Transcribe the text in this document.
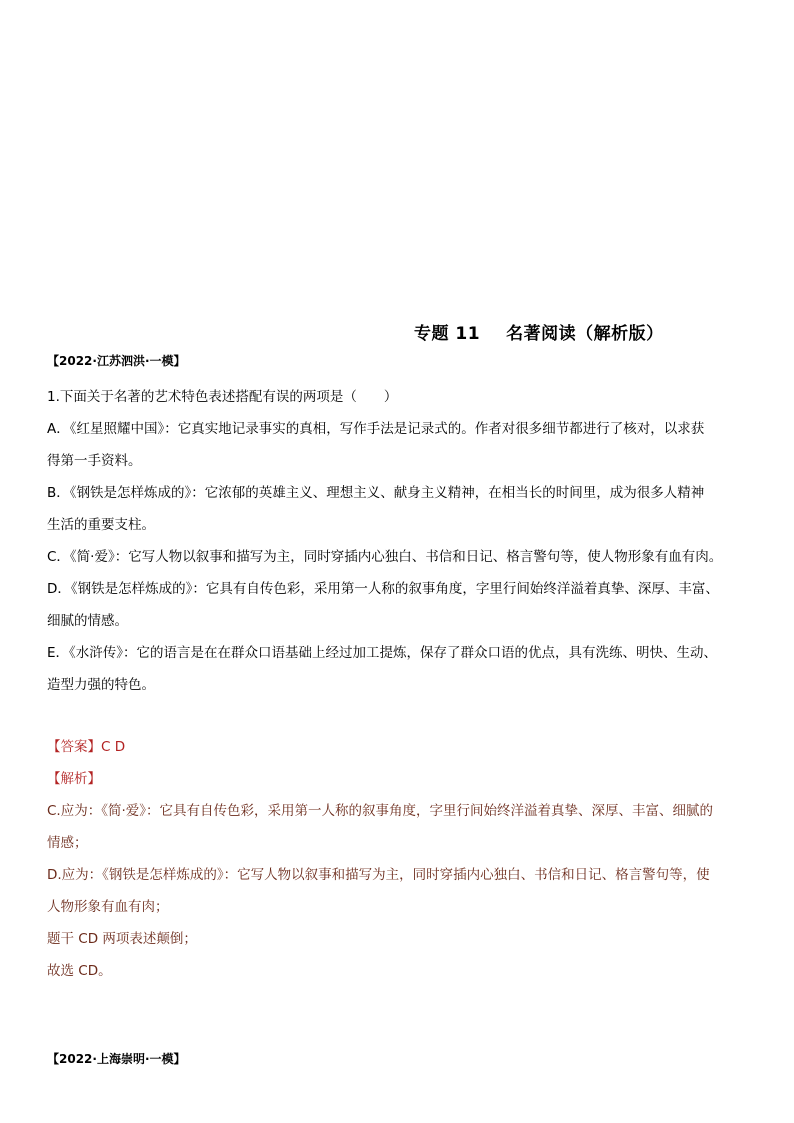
专题 11 名著阅读（解析版）
【2022·江苏泗洪·一模】
1.下面关于名著的艺术特色表述搭配有误的两项是（　　）
A．《红星照耀中国》：它真实地记录事实的真相，写作手法是记录式的。作者对很多细节都进行了核对，以求获
得第一手资料。
B．《钢铁是怎样炼成的》：它浓郁的英雄主义、理想主义、献身主义精神，在相当长的时间里，成为很多人精神
生活的重要支柱。
C．《简·爱》：它写人物以叙事和描写为主，同时穿插内心独白、书信和日记、格言警句等，使人物形象有血有肉。
D．《钢铁是怎样炼成的》：它具有自传色彩，采用第一人称的叙事角度，字里行间始终洋溢着真挚、深厚、丰富、
细腻的情感。
E．《水浒传》：它的语言是在在群众口语基础上经过加工提炼，保存了群众口语的优点，具有洗练、明快、生动、
造型力强的特色。
【答案】C D
【解析】
C.应为：《简·爱》：它具有自传色彩，采用第一人称的叙事角度，字里行间始终洋溢着真挚、深厚、丰富、细腻的
情感；
D.应为：《钢铁是怎样炼成的》：它写人物以叙事和描写为主，同时穿插内心独白、书信和日记、格言警句等，使
人物形象有血有肉；
题干 CD 两项表述颠倒；
故选 CD。
【2022·上海崇明·一模】
